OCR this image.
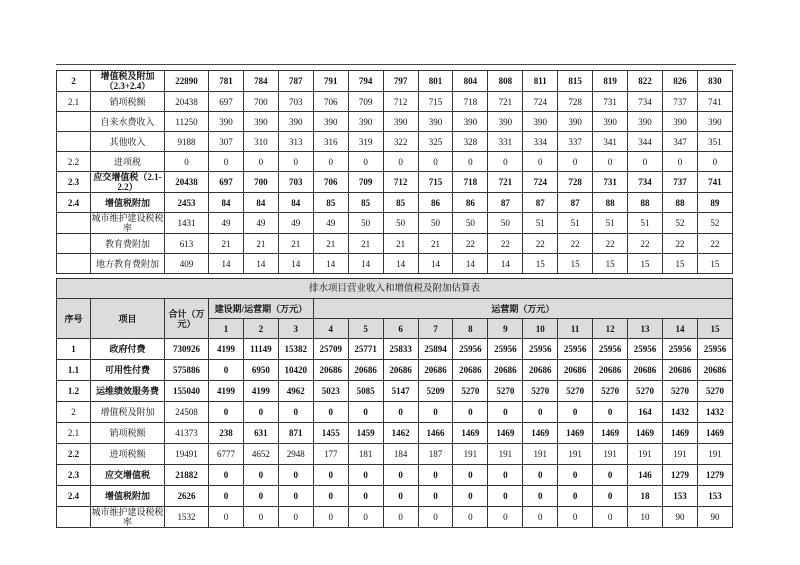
2	增值税及附加（2.3+2.4）	22890	781	784	787	791	794	797	801	804	808	811	815	819	822	826	830
2.1	销项税额	20438	697	700	703	706	709	712	715	718	721	724	728	731	734	737	741
	自来水费收入	11250	390	390	390	390	390	390	390	390	390	390	390	390	390	390	390
	其他收入	9188	307	310	313	316	319	322	325	328	331	334	337	341	344	347	351
2.2	进项税	0	0	0	0	0	0	0	0	0	0	0	0	0	0	0	0
2.3	应交增值税（2.1-2.2）	20438	697	700	703	706	709	712	715	718	721	724	728	731	734	737	741
2.4	增值税附加	2453	84	84	84	85	85	85	86	86	87	87	87	88	88	88	89
	城市维护建设税税率	1431	49	49	49	49	50	50	50	50	50	51	51	51	51	52	52
	教育费附加	613	21	21	21	21	21	21	21	22	22	22	22	22	22	22	22
	地方教育费附加	409	14	14	14	14	14	14	14	14	14	15	15	15	15	15	15
排水项目营业收入和增值税及附加估算表																	
序号	项目	合计（万元）	建设期/运营期（万元）			运营期（万元）											
			1	2	3	4	5	6	7	8	9	10	11	12	13	14	15
1	政府付费	730926	4199	11149	15382	25709	25771	25833	25894	25956	25956	25956	25956	25956	25956	25956	25956
1.1	可用性付费	575886	0	6950	10420	20686	20686	20686	20686	20686	20686	20686	20686	20686	20686	20686	20686
1.2	运维绩效服务费	155040	4199	4199	4962	5023	5085	5147	5209	5270	5270	5270	5270	5270	5270	5270	5270
2	增值税及附加	24508	0	0	0	0	0	0	0	0	0	0	0	0	164	1432	1432
2.1	销项税额	41373	238	631	871	1455	1459	1462	1466	1469	1469	1469	1469	1469	1469	1469	1469
2.2	进项税额	19491	6777	4652	2948	177	181	184	187	191	191	191	191	191	191	191	191
2.3	应交增值税	21882	0	0	0	0	0	0	0	0	0	0	0	0	146	1279	1279
2.4	增值税附加	2626	0	0	0	0	0	0	0	0	0	0	0	0	18	153	153
	城市维护建设税税率	1532	0	0	0	0	0	0	0	0	0	0	0	0	10	90	90
